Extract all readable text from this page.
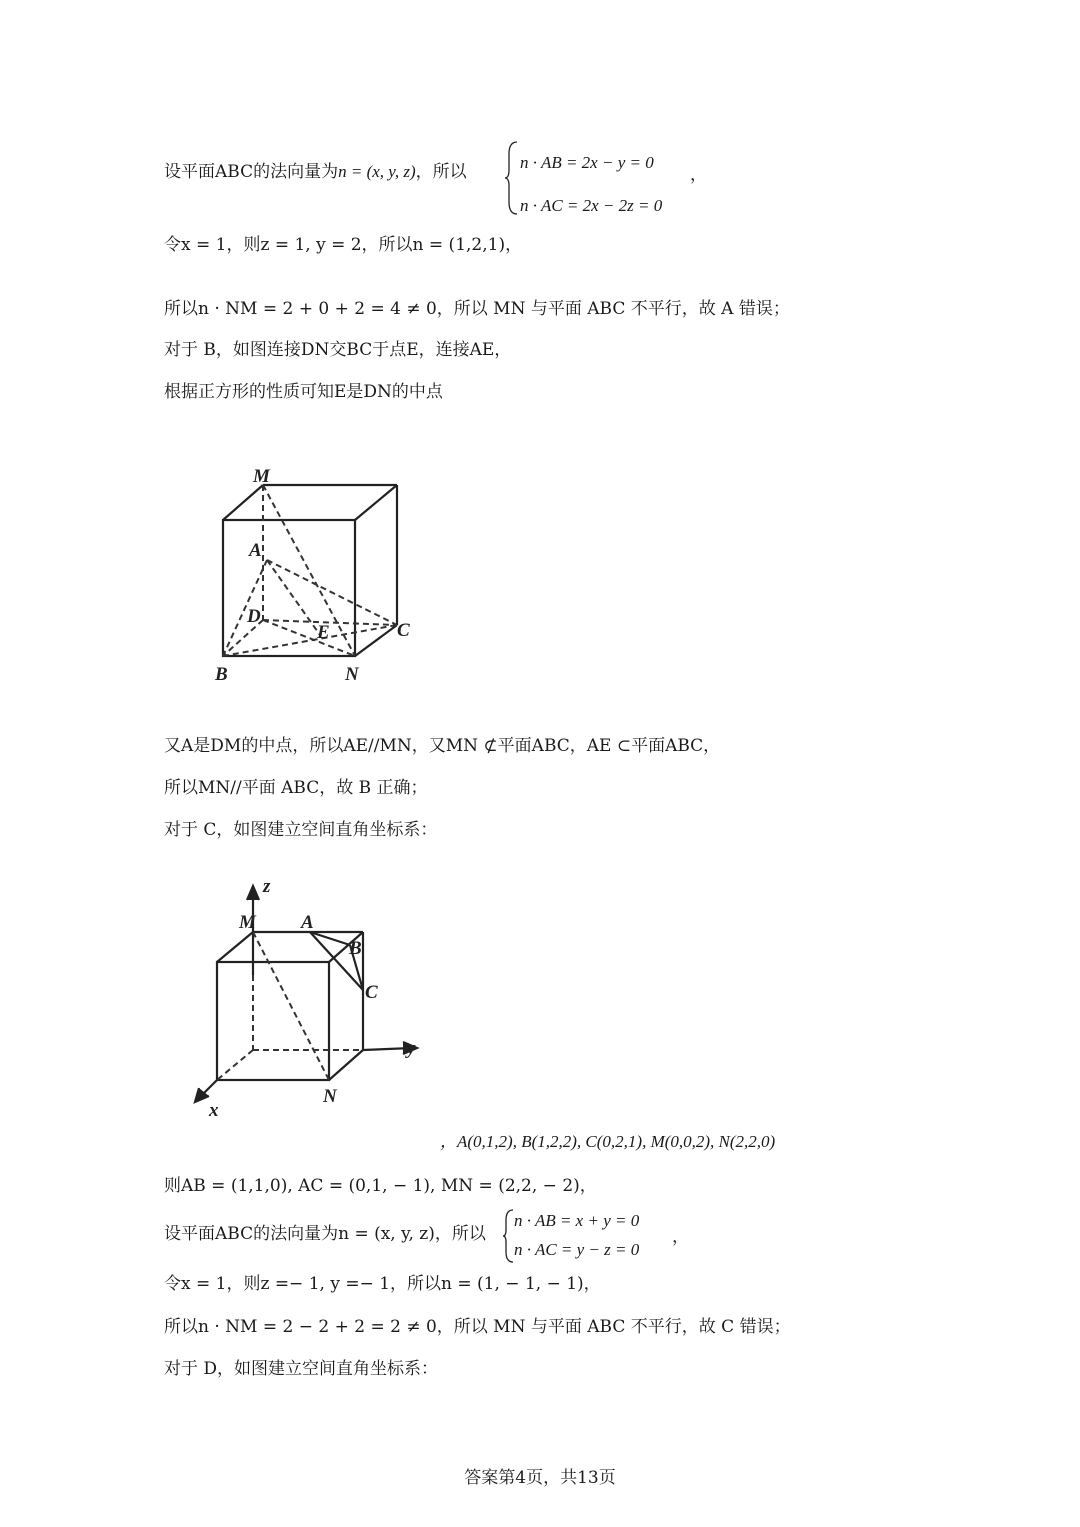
设平面ABC的法向量为n = (x, y, z)，所以	n · AB = 2x − y = 0
n · AC = 2x − 2z = 0
，
令x = 1，则z = 1, y = 2，所以n = (1,2,1)，
所以n · NM = 2 + 0 + 2 = 4 ≠ 0，所以 MN 与平面 ABC 不平行，故 A 错误；
对于 B，如图连接DN交BC于点E，连接AE，
根据正方形的性质可知E是DN的中点
M
A
D
E	C
B	N
又A是DM的中点，所以AE//MN，又MN ⊄平面ABC，AE ⊂平面ABC，
所以MN//平面 ABC，故 B 正确；
对于 C，如图建立空间直角坐标系：
z
M A
B
C
y
x
N
，A(0,1,2), B(1,2,2), C(0,2,1), M(0,0,2), N(2,2,0)
则AB = (1,1,0), AC = (0,1, − 1), MN = (2,2, − 2)，
设平面ABC的法向量为n = (x, y, z)，所以
n · AB = x + y = 0
n · AC = y − z = 0
，
令x = 1，则z =− 1, y =− 1，所以n = (1, − 1, − 1)，
所以n · NM = 2 − 2 + 2 = 2 ≠ 0，所以 MN 与平面 ABC 不平行，故 C 错误；
对于 D，如图建立空间直角坐标系：
答案第4页，共13页
